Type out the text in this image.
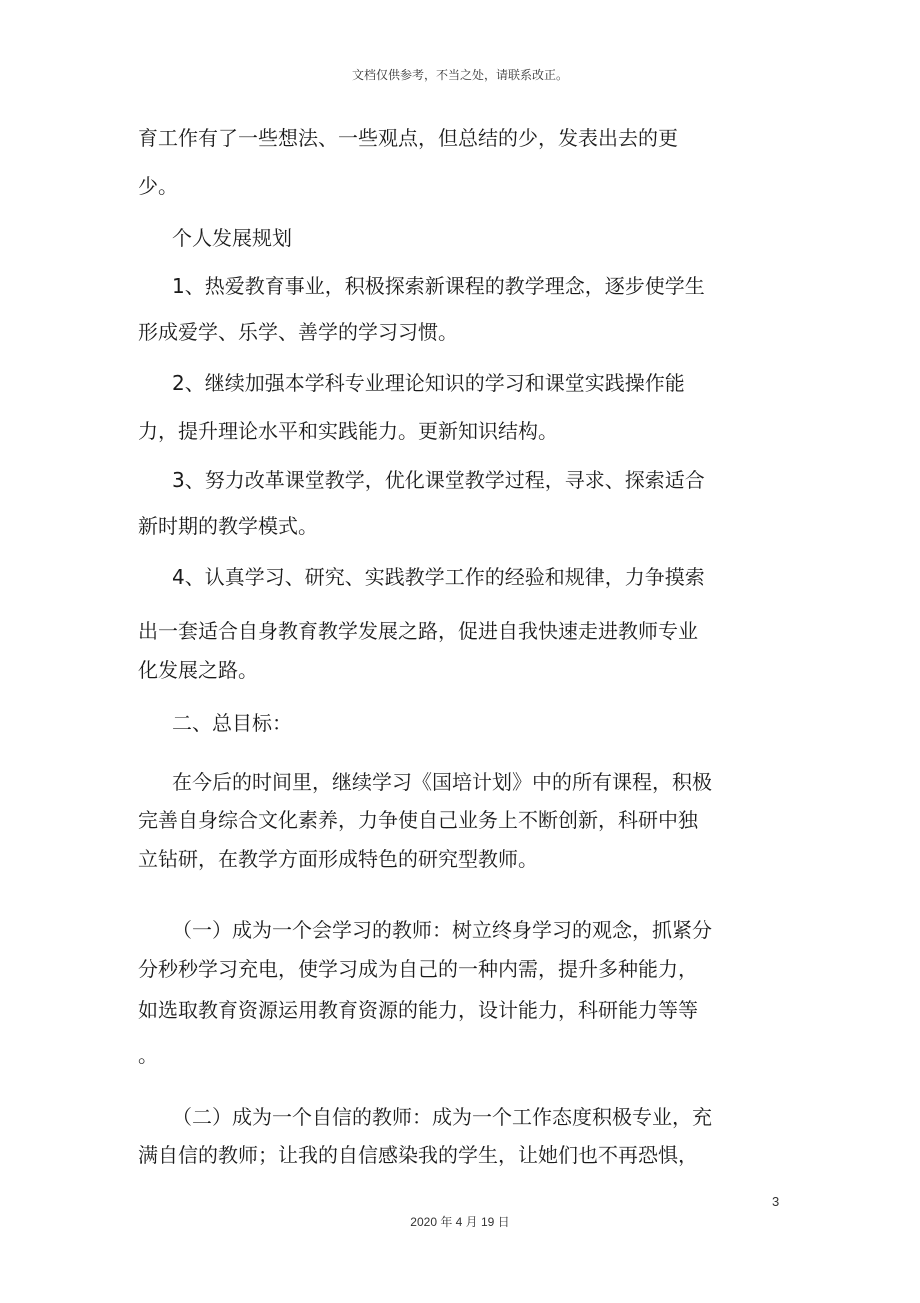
文档仅供参考，不当之处，请联系改正。
育工作有了一些想法、一些观点，但总结的少，发表出去的更
少。
个人发展规划
1、热爱教育事业，积极探索新课程的教学理念，逐步使学生
形成爱学、乐学、善学的学习习惯。
2、继续加强本学科专业理论知识的学习和课堂实践操作能
力，提升理论水平和实践能力。更新知识结构。
3、努力改革课堂教学，优化课堂教学过程，寻求、探索适合
新时期的教学模式。
4、认真学习、研究、实践教学工作的经验和规律，力争摸索
出一套适合自身教育教学发展之路，促进自我快速走进教师专业
化发展之路。
二、总目标：
在今后的时间里，继续学习《国培计划》中的所有课程，积极
完善自身综合文化素养，力争使自己业务上不断创新，科研中独
立钻研，在教学方面形成特色的研究型教师。
（一）成为一个会学习的教师：树立终身学习的观念，抓紧分
分秒秒学习充电，使学习成为自己的一种内需，提升多种能力，
如选取教育资源运用教育资源的能力，设计能力，科研能力等等
。
（二）成为一个自信的教师：成为一个工作态度积极专业，充
满自信的教师；让我的自信感染我的学生，让她们也不再恐惧，
3
2020 年 4 月 19 日
